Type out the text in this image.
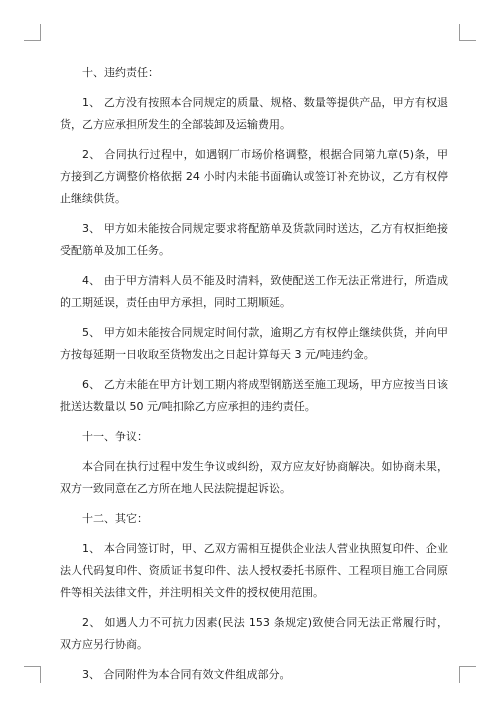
十、违约责任：

1、 乙方没有按照本合同规定的质量、规格、数量等提供产品，甲方有权退货，乙方应承担所发生的全部装卸及运输费用。

2、 合同执行过程中，如遇钢厂市场价格调整，根据合同第九章(5)条，甲方接到乙方调整价格依据 24 小时内未能书面确认或签订补充协议，乙方有权停止继续供货。

3、 甲方如未能按合同规定要求将配筋单及货款同时送达，乙方有权拒绝接受配筋单及加工任务。

4、 由于甲方清料人员不能及时清料，致使配送工作无法正常进行，所造成的工期延误，责任由甲方承担，同时工期顺延。

5、 甲方如未能按合同规定时间付款，逾期乙方有权停止继续供货，并向甲方按每延期一日收取至货物发出之日起计算每天 3 元/吨违约金。

6、 乙方未能在甲方计划工期内将成型钢筋送至施工现场，甲方应按当日该批送达数量以 50 元/吨扣除乙方应承担的违约责任。

十一、争议：

本合同在执行过程中发生争议或纠纷，双方应友好协商解决。如协商未果，双方一致同意在乙方所在地人民法院提起诉讼。

十二、其它：

1、 本合同签订时，甲、乙双方需相互提供企业法人营业执照复印件、企业法人代码复印件、资质证书复印件、法人授权委托书原件、工程项目施工合同原件等相关法律文件，并注明相关文件的授权使用范围。

2、 如遇人力不可抗力因素(民法 153 条规定)致使合同无法正常履行时，双方应另行协商。

3、 合同附件为本合同有效文件组成部分。
